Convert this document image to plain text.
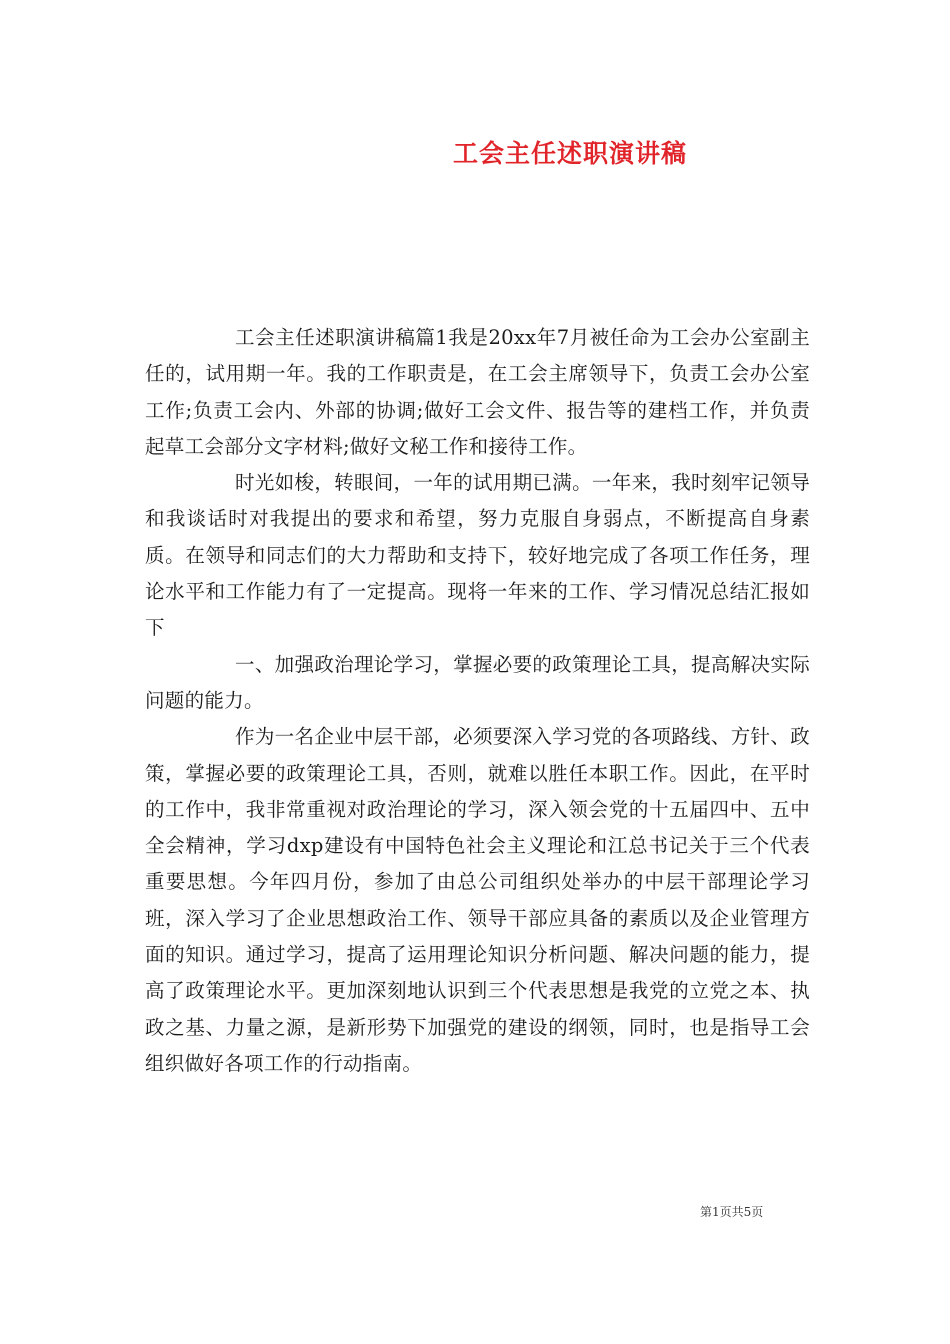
工会主任述职演讲稿

工会主任述职演讲稿篇1我是20xx年7月被任命为工会办公室副主任的，试用期一年。我的工作职责是，在工会主席领导下，负责工会办公室工作;负责工会内、外部的协调;做好工会文件、报告等的建档工作，并负责起草工会部分文字材料;做好文秘工作和接待工作。

时光如梭，转眼间，一年的试用期已满。一年来，我时刻牢记领导和我谈话时对我提出的要求和希望，努力克服自身弱点，不断提高自身素质。在领导和同志们的大力帮助和支持下，较好地完成了各项工作任务，理论水平和工作能力有了一定提高。现将一年来的工作、学习情况总结汇报如下

一、加强政治理论学习，掌握必要的政策理论工具，提高解决实际问题的能力。

作为一名企业中层干部，必须要深入学习党的各项路线、方针、政策，掌握必要的政策理论工具，否则，就难以胜任本职工作。因此，在平时的工作中，我非常重视对政治理论的学习，深入领会党的十五届四中、五中全会精神，学习dxp建设有中国特色社会主义理论和江总书记关于三个代表重要思想。今年四月份，参加了由总公司组织处举办的中层干部理论学习班，深入学习了企业思想政治工作、领导干部应具备的素质以及企业管理方面的知识。通过学习，提高了运用理论知识分析问题、解决问题的能力，提高了政策理论水平。更加深刻地认识到三个代表思想是我党的立党之本、执政之基、力量之源，是新形势下加强党的建设的纲领，同时，也是指导工会组织做好各项工作的行动指南。

第1页共5页
